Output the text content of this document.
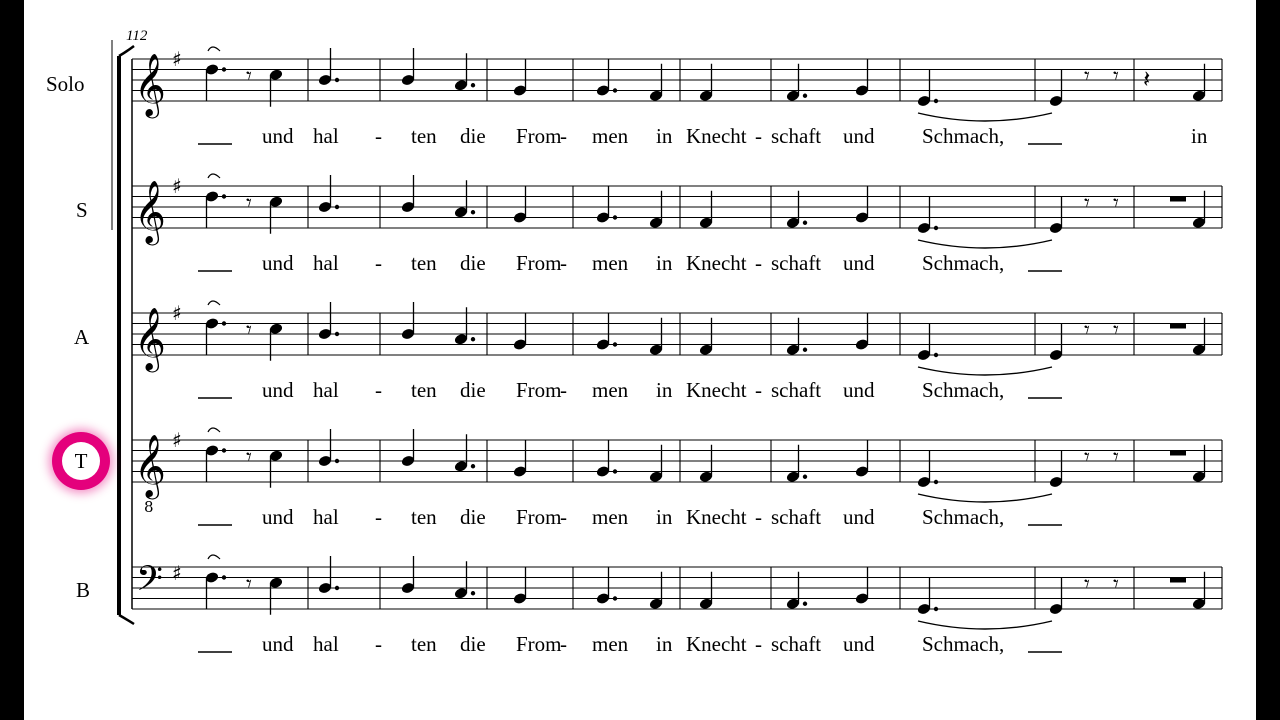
𝄞 ♯
𝄾	𝄾 𝄾 𝄽
𝄞 ♯
𝄾	𝄾 𝄾
𝄞 ♯
𝄾	𝄾 𝄾
𝄞
8
♯
𝄾	𝄾 𝄾
𝄢 ♯	𝄾	𝄾 𝄾
112
Solo
S
A
B
T
und hal - ten die From
- men in Knecht - schaft und Schmach,	in
und hal - ten die From
- men in Knecht - schaft und Schmach,
und hal - ten die From
- men in Knecht - schaft und Schmach,
und hal - ten die From
- men in Knecht - schaft und Schmach,
und hal - ten die From
- men in Knecht - schaft und Schmach,
